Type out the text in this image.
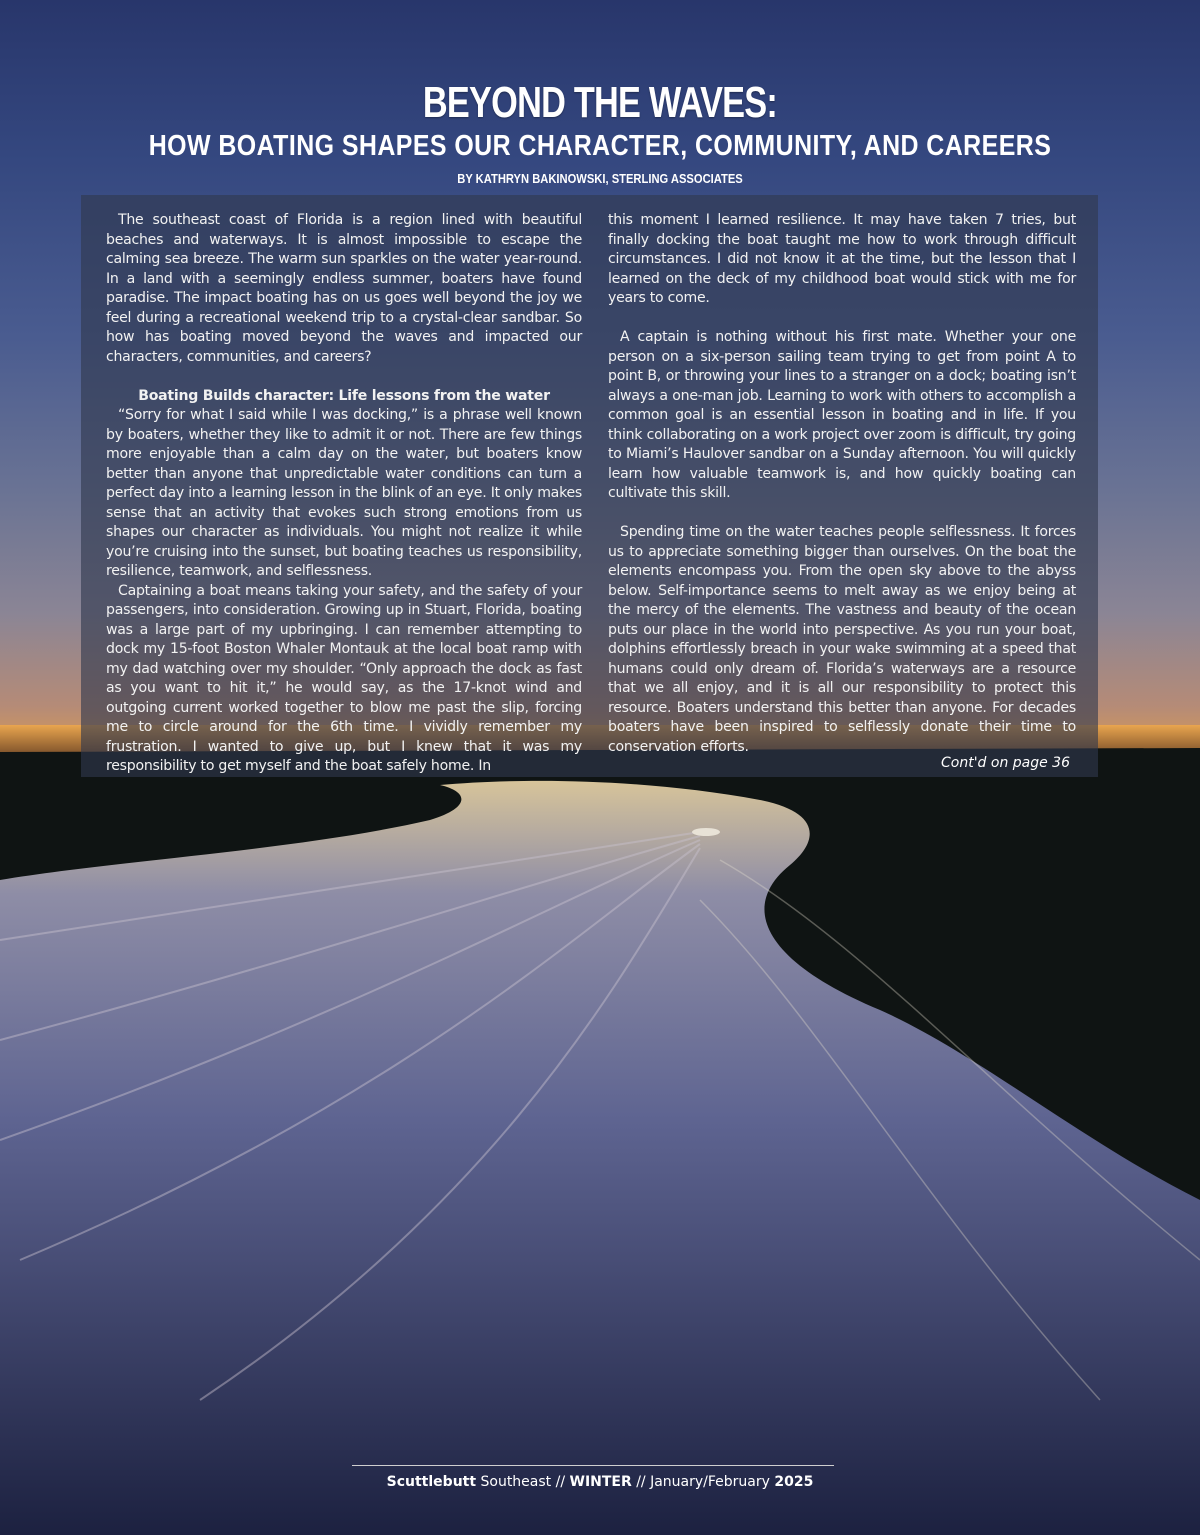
BEYOND THE WAVES:
HOW BOATING SHAPES OUR CHARACTER, COMMUNITY, AND CAREERS
BY KATHRYN BAKINOWSKI, STERLING ASSOCIATES

The southeast coast of Florida is a region lined with beautiful beaches and waterways. It is almost impossible to escape the calming sea breeze. The warm sun sparkles on the water year-round. In a land with a seemingly endless summer, boaters have found paradise. The impact boating has on us goes well beyond the joy we feel during a recreational weekend trip to a crystal-clear sandbar. So how has boating moved beyond the waves and impacted our characters, communities, and careers?

Boating Builds character: Life lessons from the water

“Sorry for what I said while I was docking,” is a phrase well known by boaters, whether they like to admit it or not. There are few things more enjoyable than a calm day on the water, but boaters know better than anyone that unpredictable water conditions can turn a perfect day into a learning lesson in the blink of an eye. It only makes sense that an activity that evokes such strong emotions from us shapes our character as individuals. You might not realize it while you’re cruising into the sunset, but boating teaches us responsibility, resilience, teamwork, and selflessness.

Captaining a boat means taking your safety, and the safety of your passengers, into consideration. Growing up in Stuart, Florida, boating was a large part of my upbringing. I can remember attempting to dock my 15-foot Boston Whaler Montauk at the local boat ramp with my dad watching over my shoulder. “Only approach the dock as fast as you want to hit it,” he would say, as the 17-knot wind and outgoing current worked together to blow me past the slip, forcing me to circle around for the 6th time. I vividly remember my frustration. I wanted to give up, but I knew that it was my responsibility to get myself and the boat safely home. In

this moment I learned resilience. It may have taken 7 tries, but finally docking the boat taught me how to work through difficult circumstances. I did not know it at the time, but the lesson that I learned on the deck of my childhood boat would stick with me for years to come.

A captain is nothing without his first mate. Whether your one person on a six-person sailing team trying to get from point A to point B, or throwing your lines to a stranger on a dock; boating isn’t always a one-man job. Learning to work with others to accomplish a common goal is an essential lesson in boating and in life. If you think collaborating on a work project over zoom is difficult, try going to Miami’s Haulover sandbar on a Sunday afternoon. You will quickly learn how valuable teamwork is, and how quickly boating can cultivate this skill.

Spending time on the water teaches people selflessness. It forces us to appreciate something bigger than ourselves. On the boat the elements encompass you. From the open sky above to the abyss below. Self-importance seems to melt away as we enjoy being at the mercy of the elements. The vastness and beauty of the ocean puts our place in the world into perspective. As you run your boat, dolphins effortlessly breach in your wake swimming at a speed that humans could only dream of. Florida’s waterways are a resource that we all enjoy, and it is all our responsibility to protect this resource. Boaters understand this better than anyone. For decades boaters have been inspired to selflessly donate their time to conservation efforts.

Cont'd on page 36
Scuttlebutt Southeast // WINTER // January/February 2025
